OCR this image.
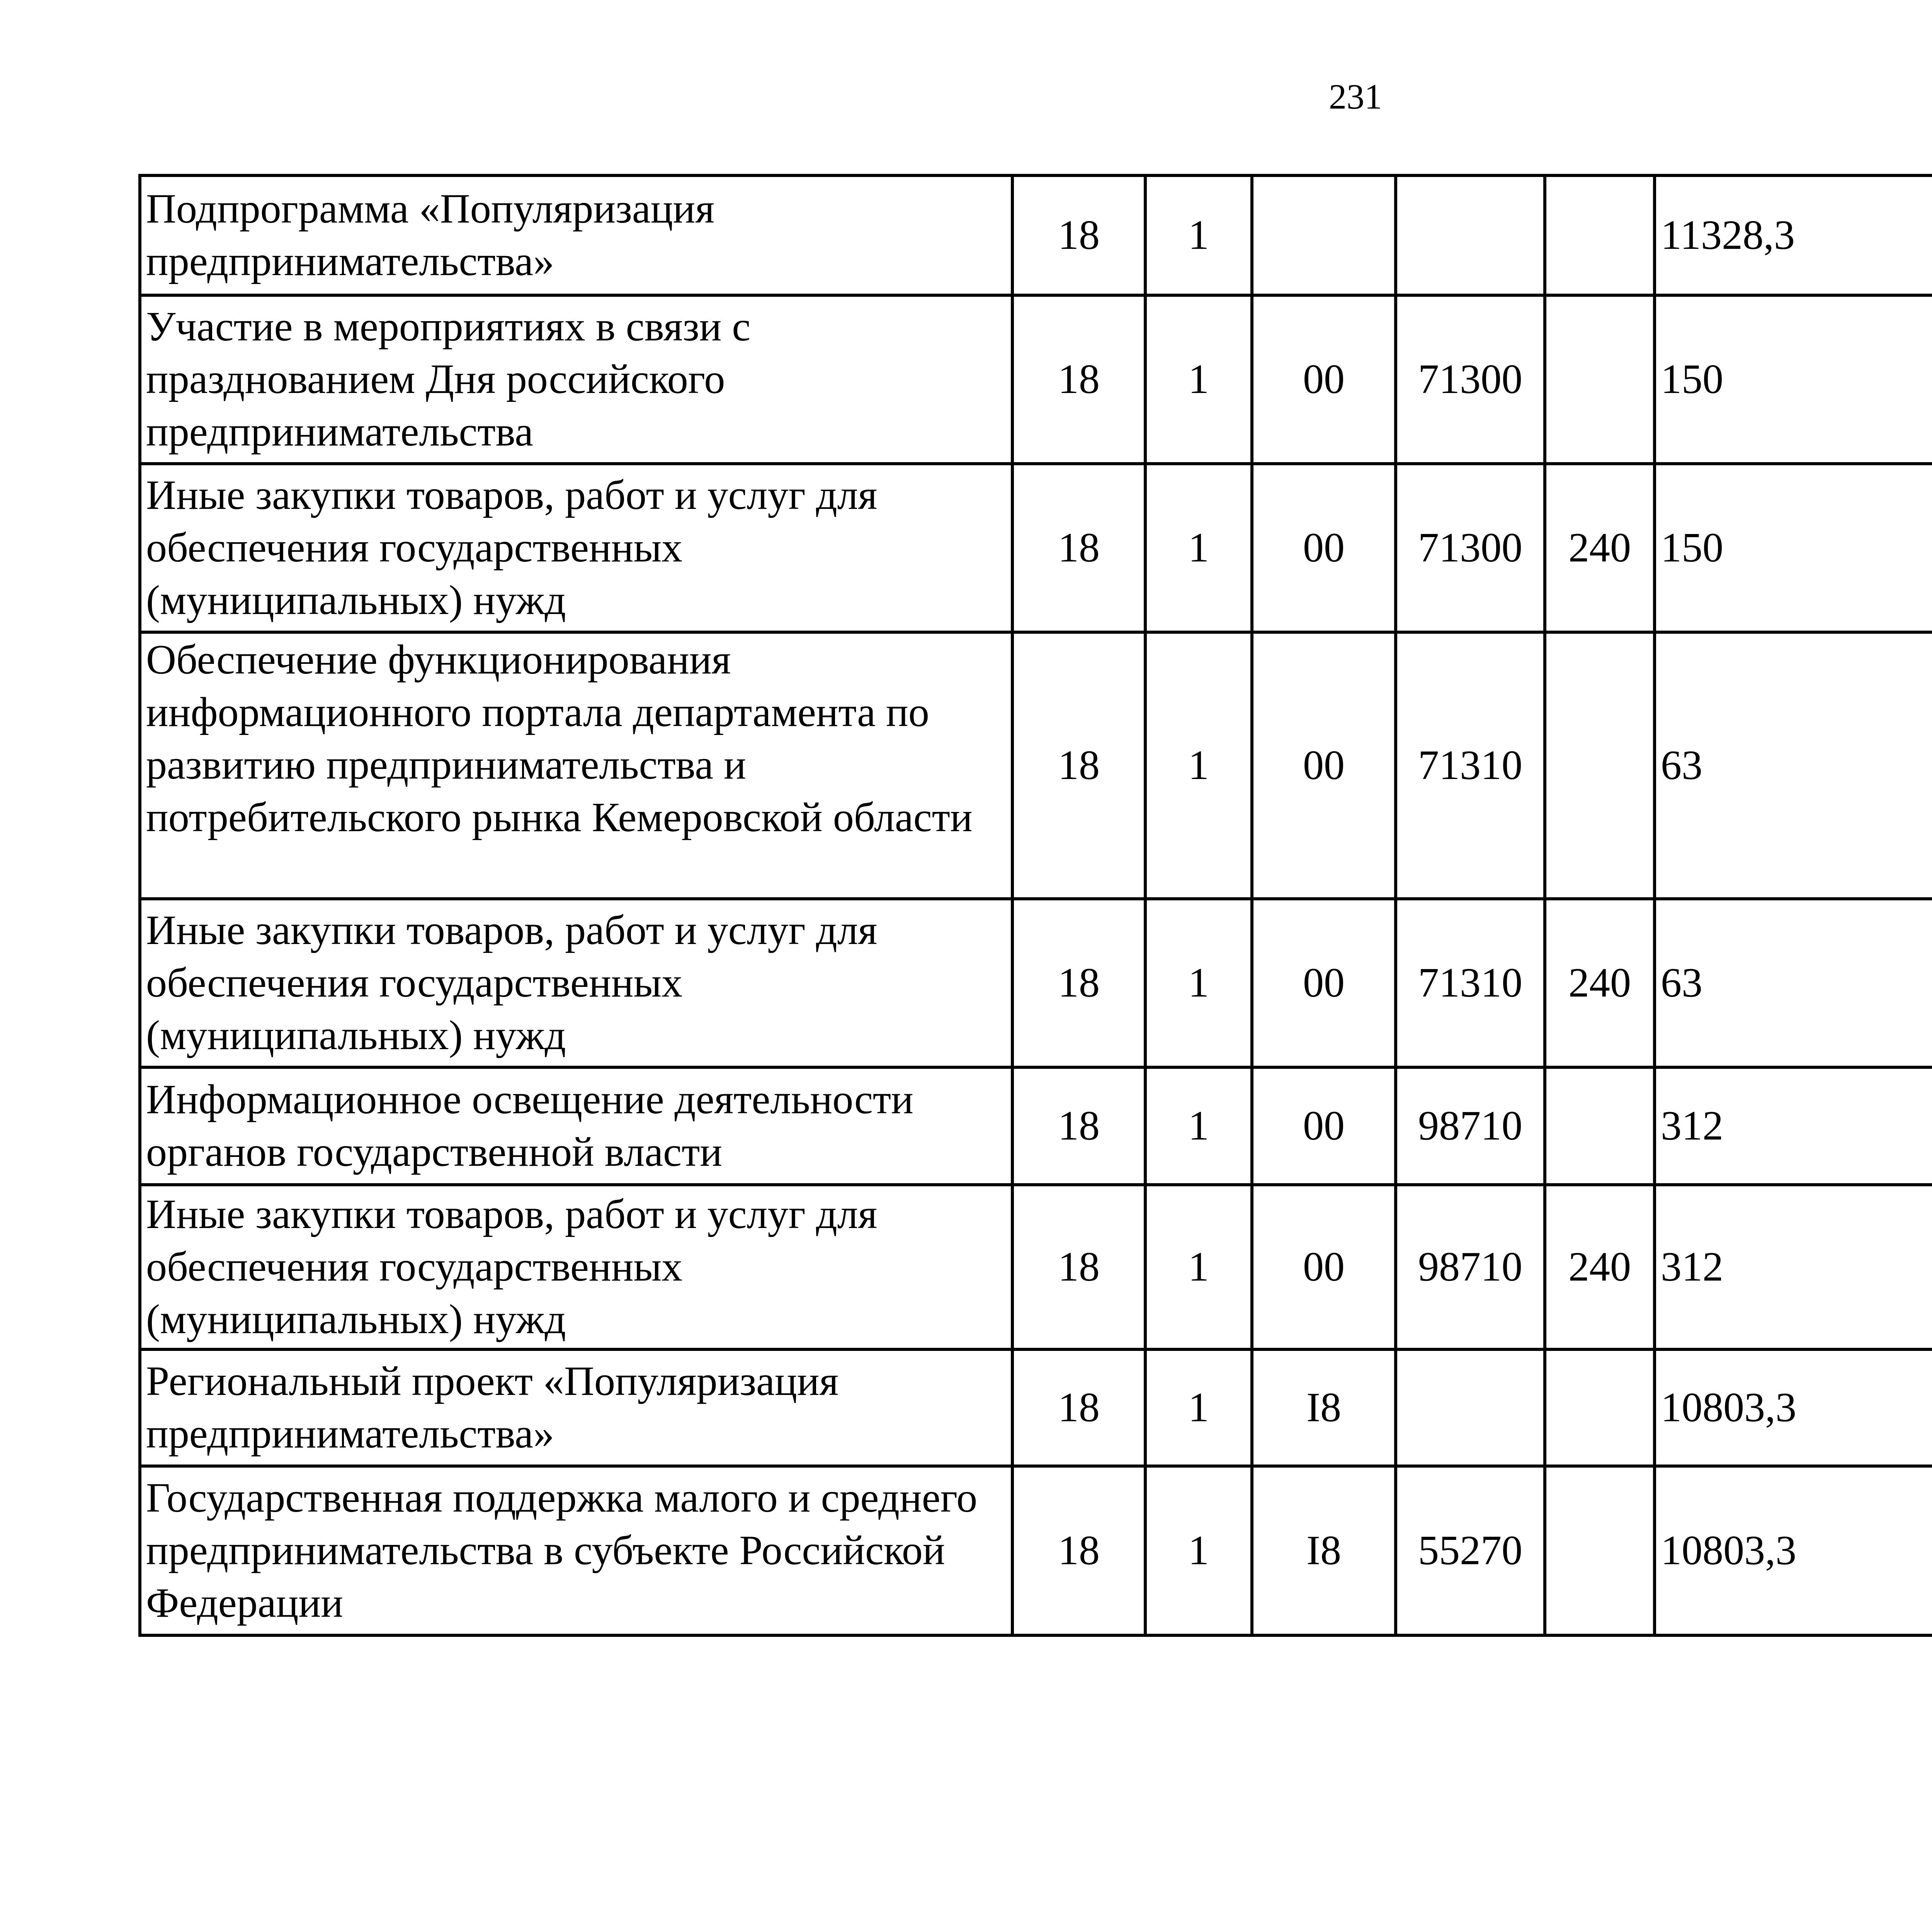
231
Подпрограмма «Популяризация предпринимательства»	18	1				11328,3		
Участие в мероприятиях в связи с празднованием Дня российского предпринимательства	18	1	00	71300		150		
Иные закупки товаров, работ и услуг для обеспечения государственных (муниципальных) нужд	18	1	00	71300	240	150		
Обеспечение функционирования информационного портала департамента по развитию предпринимательства и потребительского рынка Кемеровской области	18	1	00	71310		63		
Иные закупки товаров, работ и услуг для обеспечения государственных (муниципальных) нужд	18	1	00	71310	240	63		
Информационное освещение деятельности органов государственной власти	18	1	00	98710		312		
Иные закупки товаров, работ и услуг для обеспечения государственных (муниципальных) нужд	18	1	00	98710	240	312		
Региональный проект «Популяризация предпринимательства»	18	1	I8			10803,3		
Государственная поддержка малого и среднего предпринимательства в субъекте Российской Федерации	18	1	I8	55270		10803,3		
